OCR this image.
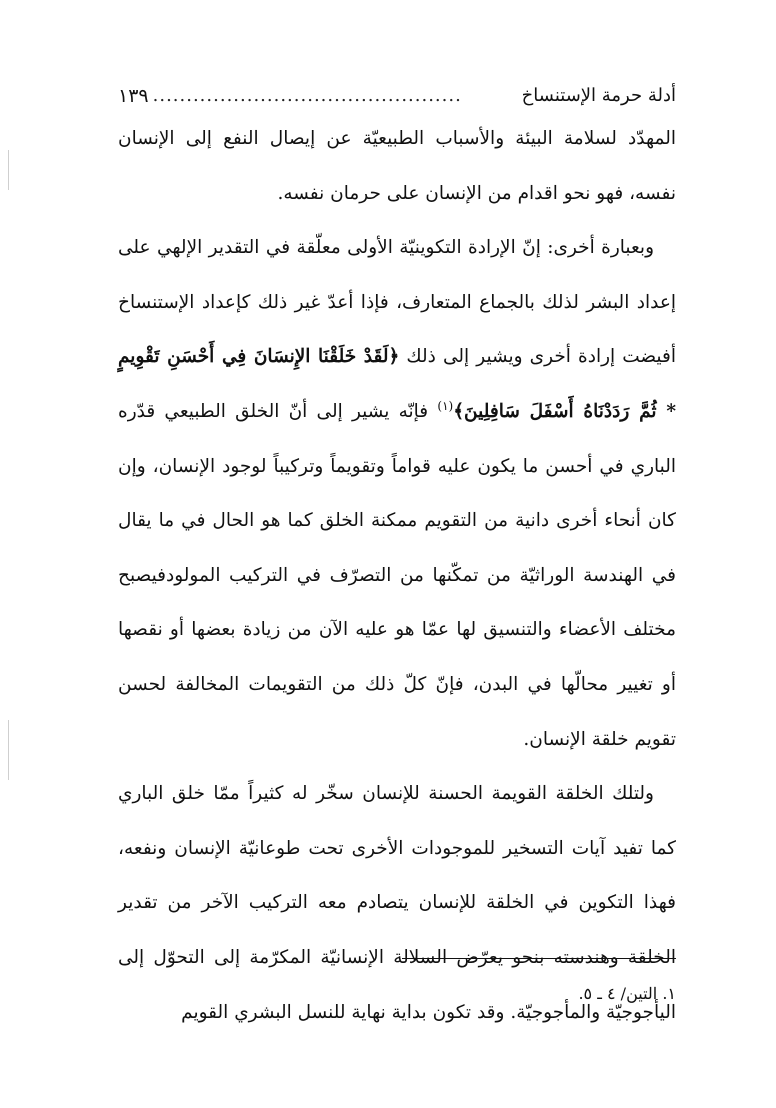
أدلة حرمة الإستنساخ
..............................................
١٣٩

المهدّد لسلامة البيئة والأسباب الطبيعيّة عن إيصال النفع إلى الإنسان نفسه، فهو نحو اقدام من الإنسان على حرمان نفسه.

وبعبارة أخرى: إنّ الإرادة التكوينيّة الأولى معلّقة في التقدير الإلهي على إعداد البشر لذلك بالجماع المتعارف، فإذا أعدّ غير ذلك كإعداد الإستنساخ أفيضت إرادة أخرى ويشير إلى ذلك ﴿لَقَدْ خَلَقْنَا الإِنسَانَ فِي أَحْسَنِ تَقْوِيمٍ * ثُمَّ رَدَدْنَاهُ أَسْفَلَ سَافِلِينَ﴾$^{(١)}$ فإنّه يشير إلى أنّ الخلق الطبيعي قدّره الباري في أحسن ما يكون عليه قواماً وتقويماً وتركيباً لوجود الإنسان، وإن كان أنحاء أخرى دانية من التقويم ممكنة الخلق كما هو الحال في ما يقال في الهندسة الوراثيّة من تمكّنها من التصرّف في التركيب المولودفيصبح مختلف الأعضاء والتنسيق لها عمّا هو عليه الآن من زيادة بعضها أو نقصها أو تغيير محالّها في البدن، فإنّ كلّ ذلك من التقويمات المخالفة لحسن تقويم خلقة الإنسان.

ولتلك الخلقة القويمة الحسنة للإنسان سخّر له كثيراً ممّا خلق الباري كما تفيد آيات التسخير للموجودات الأخرى تحت طوعانيّة الإنسان ونفعه، فهذا التكوين في الخلقة للإنسان يتصادم معه التركيب الآخر من تقدير الخلقة وهندسته بنحو يعرّض السلالة الإنسانيّة المكرّمة إلى التحوّل إلى اليأجوجيّة والمأجوجيّة. وقد تكون بداية نهاية للنسل البشري القويم

١. التين/ ٤ ـ ٥.
